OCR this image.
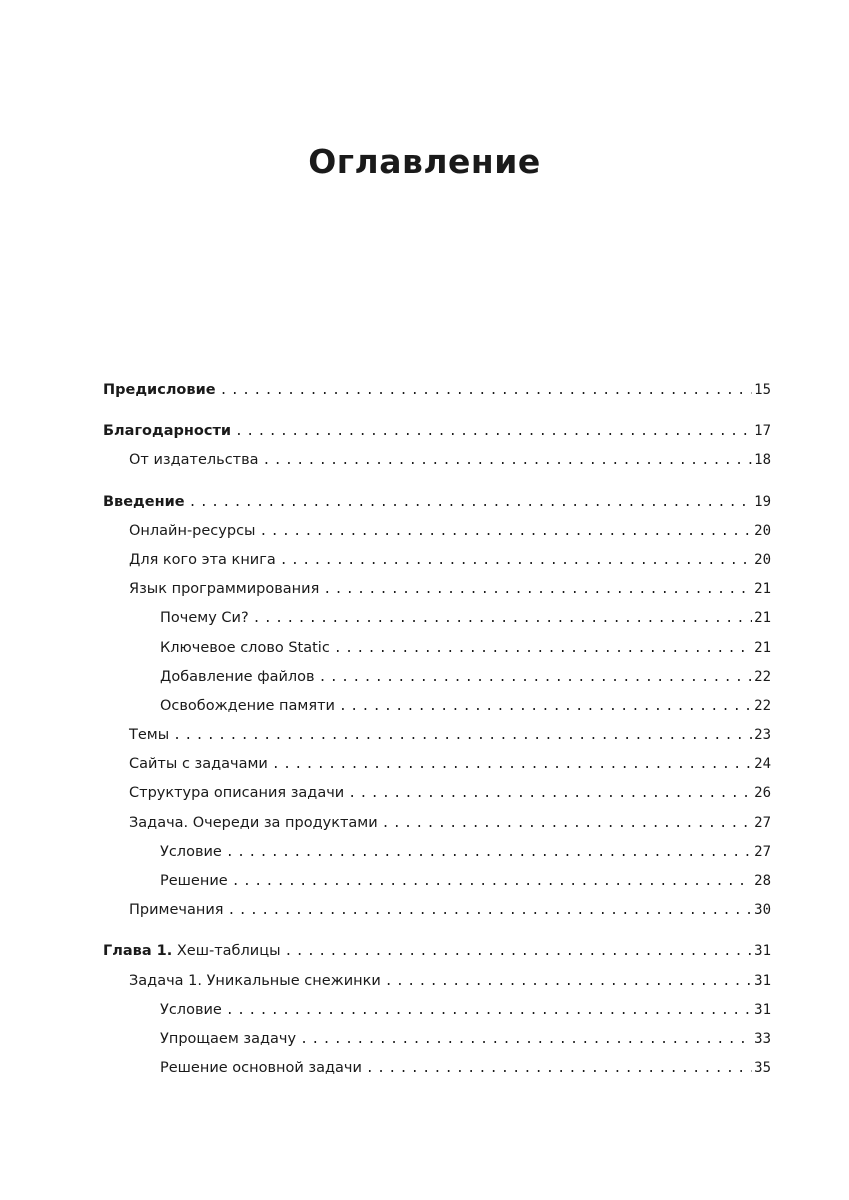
Оглавление
Предисловие . . .	15
Благодарности . . .	17
От издательства . . .	18
Введение . . .	19
Онлайн-ресурсы . . .	20
Для кого эта книга . . .	20
Язык программирования . . .	21
Почему Си? . . .	21
Ключевое слово Static . . .	21
Добавление файлов . . .	22
Освобождение памяти . . .	22
Темы . . .	23
Сайты с задачами . . .	24
Структура описания задачи . . .	26
Задача. Очереди за продуктами . . .	27
Условие . . .	27
Решение . . .	28
Примечания . . .	30
Глава 1. Хеш-таблицы . . .	31
Задача 1. Уникальные снежинки . . .	31
Условие . . .	31
Упрощаем задачу . . .	33
Решение основной задачи . . .	35
